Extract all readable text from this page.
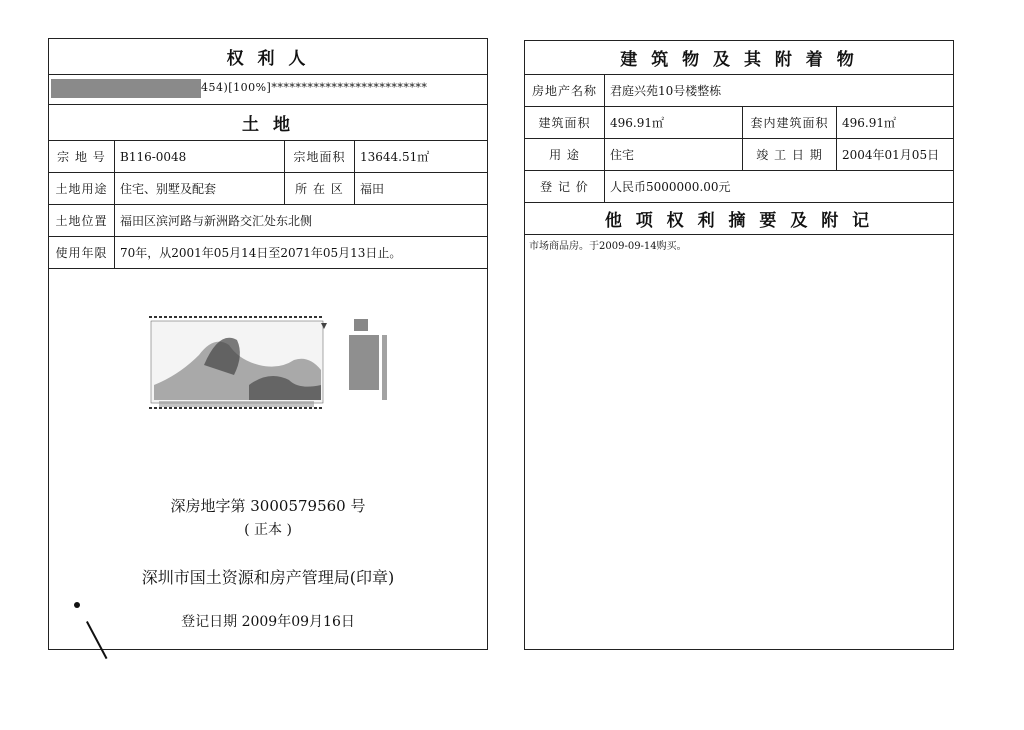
权 利 人
454)[100%]**************************
土 地
宗 地 号	B116-0048	宗地面积	13644.51㎡
土地用途	住宅、别墅及配套	所 在 区	福田
土地位置	福田区滨河路与新洲路交汇处东北侧
使用年限	70年，从2001年05月14日至2071年05月13日止。
深房地字第 3000579560 号
( 正本 )
深圳市国土资源和房产管理局(印章)
登记日期 2009年09月16日
建 筑 物 及 其 附 着 物
房地产名称	君庭兴苑10号楼整栋
建筑面积	496.91㎡	套内建筑面积	496.91㎡
用 途	住宅	竣 工 日 期	2004年01月05日
登 记 价	人民币5000000.00元
他 项 权 利 摘 要 及 附 记
市场商品房。于2009-09-14购买。
